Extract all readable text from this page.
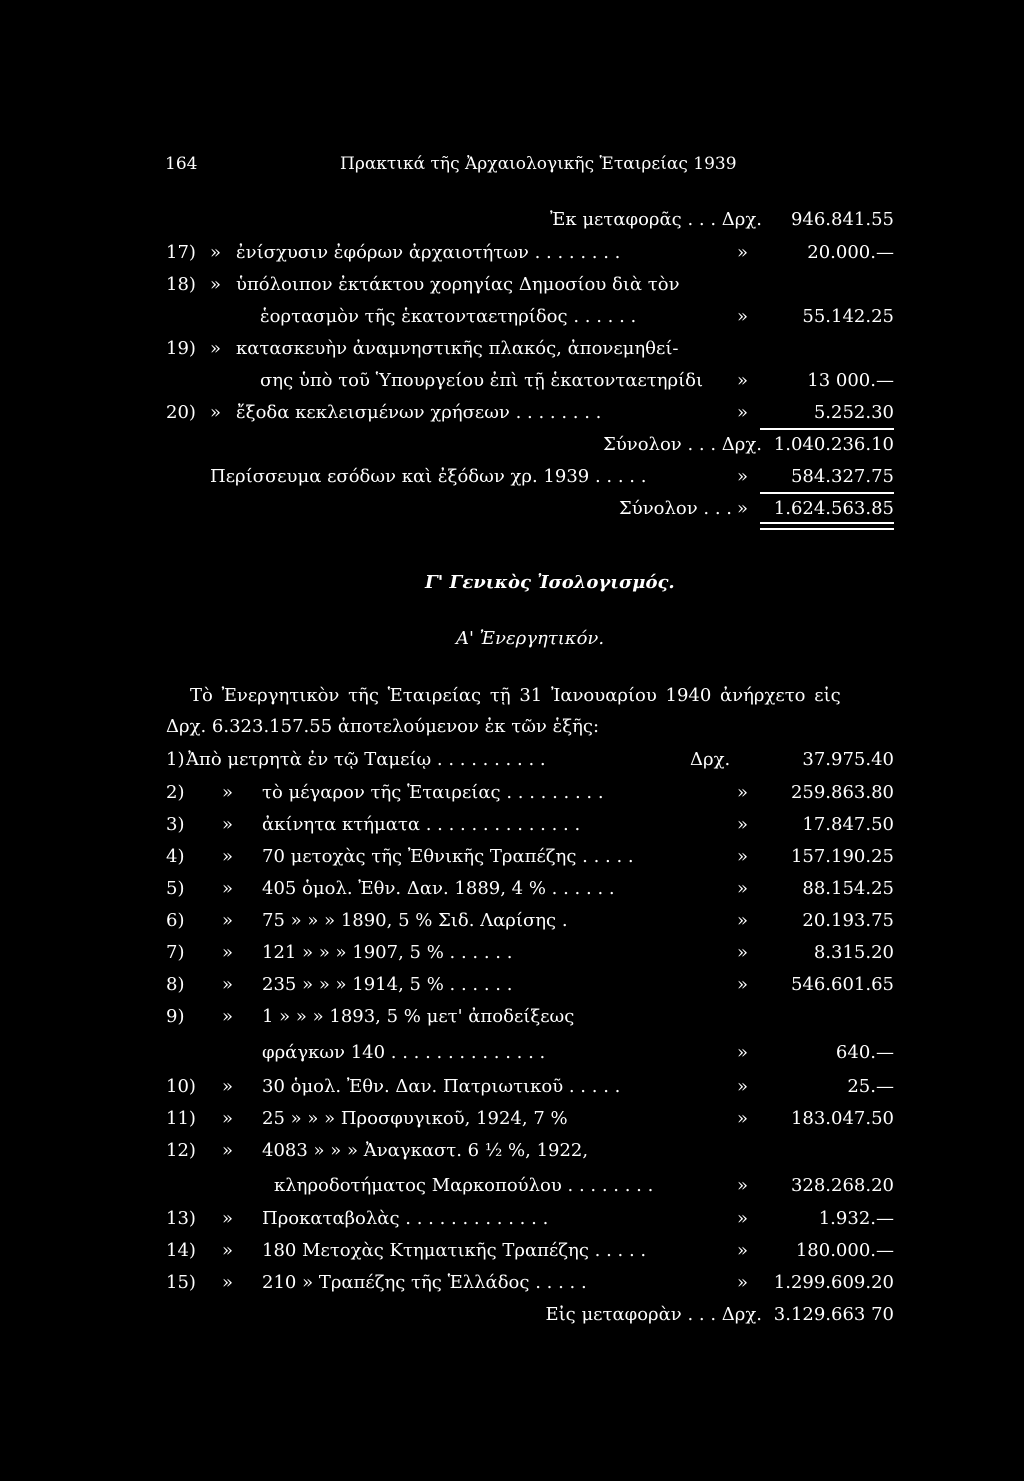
164	Πρακτικά τῆς Ἀρχαιολογικῆς Ἑταιρείας 1939
Ἐκ μεταφορᾶς . . . Δρχ. 946.841.55
17) » ἐνίσχυσιν ἐφόρων ἀρχαιοτήτων . . . . . . . .	»	20.000.—
18) » ὑπόλοιπον ἐκτάκτου χορηγίας Δημοσίου διὰ τὸν
ἑορτασμὸν τῆς ἑκατονταετηρίδος . . . . . .	»	55.142.25
19) » κατασκευὴν ἀναμνηστικῆς πλακός, ἀπονεμηθεί-
σης ὑπὸ τοῦ Ὑπουργείου ἐπὶ τῇ ἑκατονταετηρίδι »	13 000.—
20) » ἔξοδα κεκλεισμένων χρήσεων . . . . . . . .	»	5.252.30
Σύνολον . . . Δρχ. 1.040.236.10
Περίσσευμα εσόδων καὶ ἐξόδων χρ. 1939 . . . . .	» 584.327.75
Σύνολον . . . » 1.624.563.85
Γ' Γενικὸς Ἰσολογισμός.
Α' Ἐνεργητικόν.
Τὸ Ἐνεργητικὸν τῆς Ἑταιρείας τῇ 31 Ἰανουαρίου 1940 ἀνήρχετο εἰς
Δρχ. 6.323.157.55 ἀποτελούμενον ἐκ τῶν ἑξῆς:
1) Ἀπὸ μετρητὰ ἐν τῷ Ταμείῳ . . . . . . . . . .	Δρχ.	37.975.40
2) » τὸ μέγαρον τῆς Ἑταιρείας . . . . . . . . .	» 259.863.80
3) » ἀκίνητα κτήματα . . . . . . . . . . . . . .	»	17.847.50
4) » 70 μετοχὰς τῆς Ἐθνικῆς Τραπέζης . . . . .	» 157.190.25
5) » 405 ὁμολ. Ἐθν. Δαν. 1889, 4 % . . . . . .	»	88.154.25
6) » 75 » » » 1890, 5 % Σιδ. Λαρίσης .	»	20.193.75
7) » 121 » » » 1907, 5 % . . . . . .	»	8.315.20
8) » 235 » » » 1914, 5 % . . . . . .	» 546.601.65
9) » 1 » » » 1893, 5 % μετ' ἀποδείξεως
φράγκων 140 . . . . . . . . . . . . . .	»	640.—
10) » 30 ὁμολ. Ἐθν. Δαν. Πατριωτικοῦ . . . . .	»	25.—
11) » 25 » » » Προσφυγικοῦ, 1924, 7 %	» 183.047.50
12) » 4083 » » » Ἀναγκαστ. 6 ½ %, 1922,
κληροδοτήματος Μαρκοπούλου . . . . . . . .	» 328.268.20
13) » Προκαταβολὰς . . . . . . . . . . . . .	»	1.932.—
14) » 180 Μετοχὰς Κτηματικῆς Τραπέζης . . . . .	»	180.000.—
15) » 210 » Τραπέζης τῆς Ἑλλάδος . . . . .	» 1.299.609.20
Εἰς μεταφορὰν . . . Δρχ. 3.129.663 70
